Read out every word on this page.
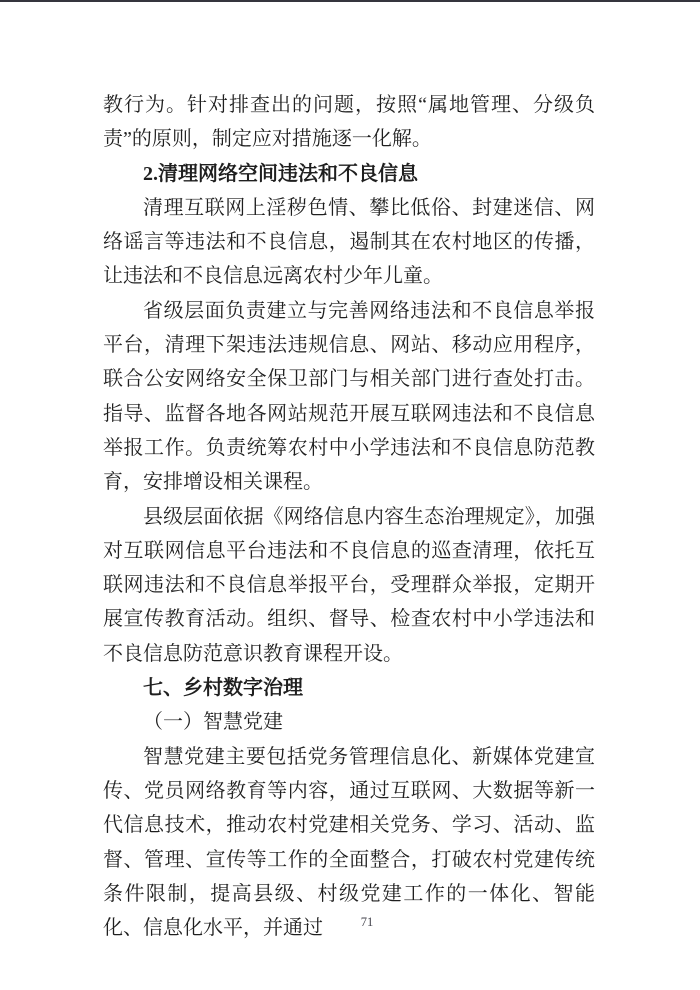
教行为。针对排查出的问题，按照“属地管理、分级负责”的原则，制定应对措施逐一化解。

2.清理网络空间违法和不良信息

清理互联网上淫秽色情、攀比低俗、封建迷信、网络谣言等违法和不良信息，遏制其在农村地区的传播，让违法和不良信息远离农村少年儿童。

省级层面负责建立与完善网络违法和不良信息举报平台，清理下架违法违规信息、网站、移动应用程序，联合公安网络安全保卫部门与相关部门进行查处打击。指导、监督各地各网站规范开展互联网违法和不良信息举报工作。负责统筹农村中小学违法和不良信息防范教育，安排增设相关课程。

县级层面依据《网络信息内容生态治理规定》，加强对互联网信息平台违法和不良信息的巡查清理，依托互联网违法和不良信息举报平台，受理群众举报，定期开展宣传教育活动。组织、督导、检查农村中小学违法和不良信息防范意识教育课程开设。

七、乡村数字治理

（一）智慧党建

智慧党建主要包括党务管理信息化、新媒体党建宣传、党员网络教育等内容，通过互联网、大数据等新一代信息技术，推动农村党建相关党务、学习、活动、监督、管理、宣传等工作的全面整合，打破农村党建传统条件限制，提高县级、村级党建工作的一体化、智能化、信息化水平，并通过	71
